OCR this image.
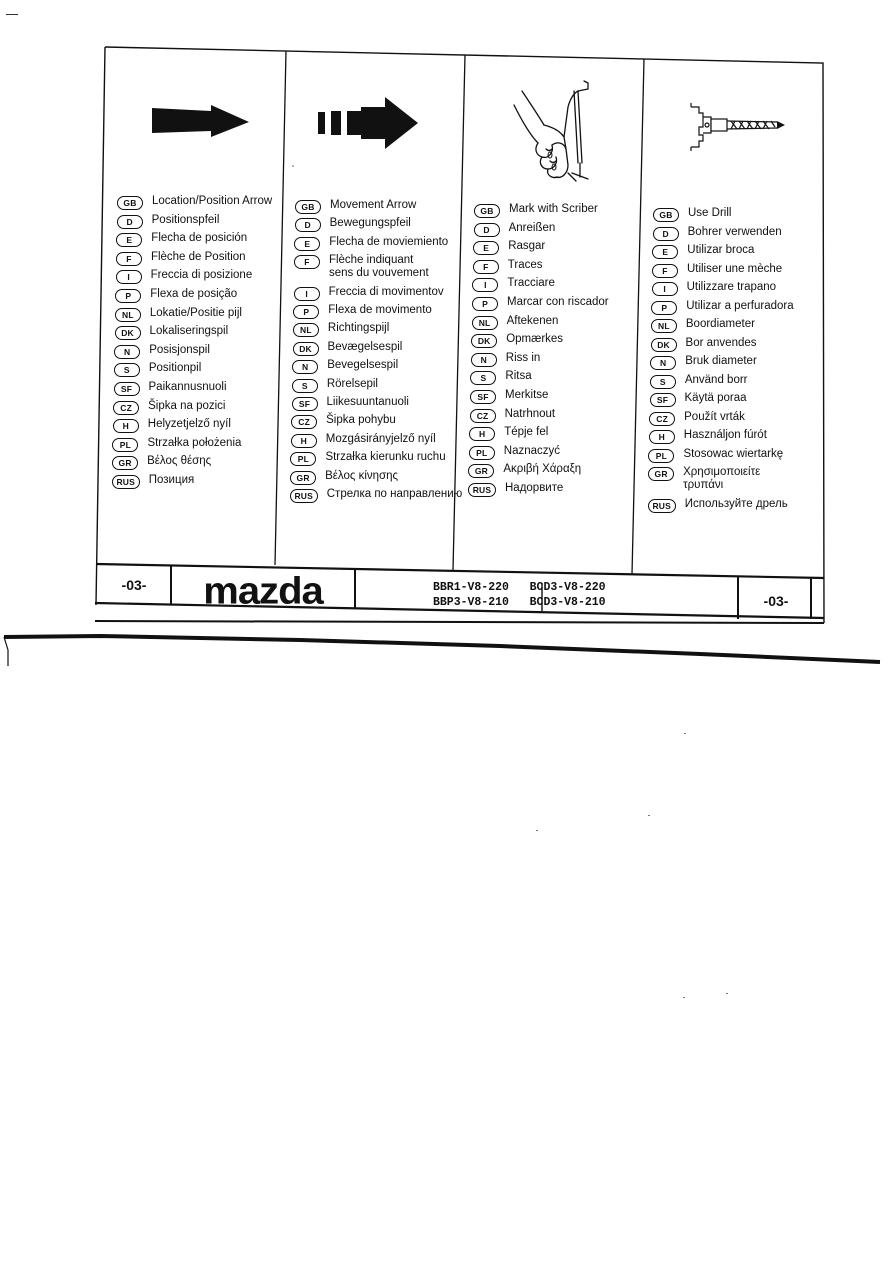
GB	Location/Position Arrow
D	Positionspfeil
E	Flecha de posición
F	Flèche de Position
I	Freccia di posizione
P	Flexa de posição
NL	Lokatie/Positie pijl
DK	Lokaliseringspil
N	Posisjonspil
S	Positionpil
SF	Paikannusnuoli
CZ	Šipka na pozici
H	Helyzetjelző nyíl
PL	Strzałka położenia
GR	Βέλος θέσης
RUS	Позиция
GB	Movement Arrow
D	Bewegungspfeil
E	Flecha de moviemiento
F	Flèche indiquant
sens du vouvement
I	Freccia di movimentov
P	Flexa de movimento
NL	Richtingspijl
DK	Bevægelsespil
N	Bevegelsespil
S	Rörelsepil
SF	Liikesuuntanuoli
CZ	Šipka pohybu
H	Mozgásirányjelző nyíl
PL	Strzałka kierunku ruchu
GR	Βέλος κίνησης
RUS	Стрелка по направлению
GB	Mark with Scriber
D	Anreißen
E	Rasgar
F	Traces
I	Tracciare
P	Marcar con riscador
NL	Aftekenen
DK	Opmærkes
N	Riss in
S	Ritsa
SF	Merkitse
CZ	Natrhnout
H	Tépje fel
PL	Naznaczyć
GR	Ακριβή Χάραξη
RUS	Надорвите
GB	Use Drill
D	Bohrer verwenden
E	Utilizar broca
F	Utiliser une mèche
I	Utilizzare trapano
P	Utilizar a perfuradora
NL	Boordiameter
DK	Bor anvendes
N	Bruk diameter
S	Använd borr
SF	Käytä poraa
CZ	Použít vrták
H	Használjon fúrót
PL	Stosowac wiertarkę
GR	Χρησιμοποιείτε
τρυπάνι
RUS	Используйте дрель
-03- mazda	BBR1-V8-220 BCD3-V8-220
BBP3-V8-210 BCD3-V8-210	-03-
